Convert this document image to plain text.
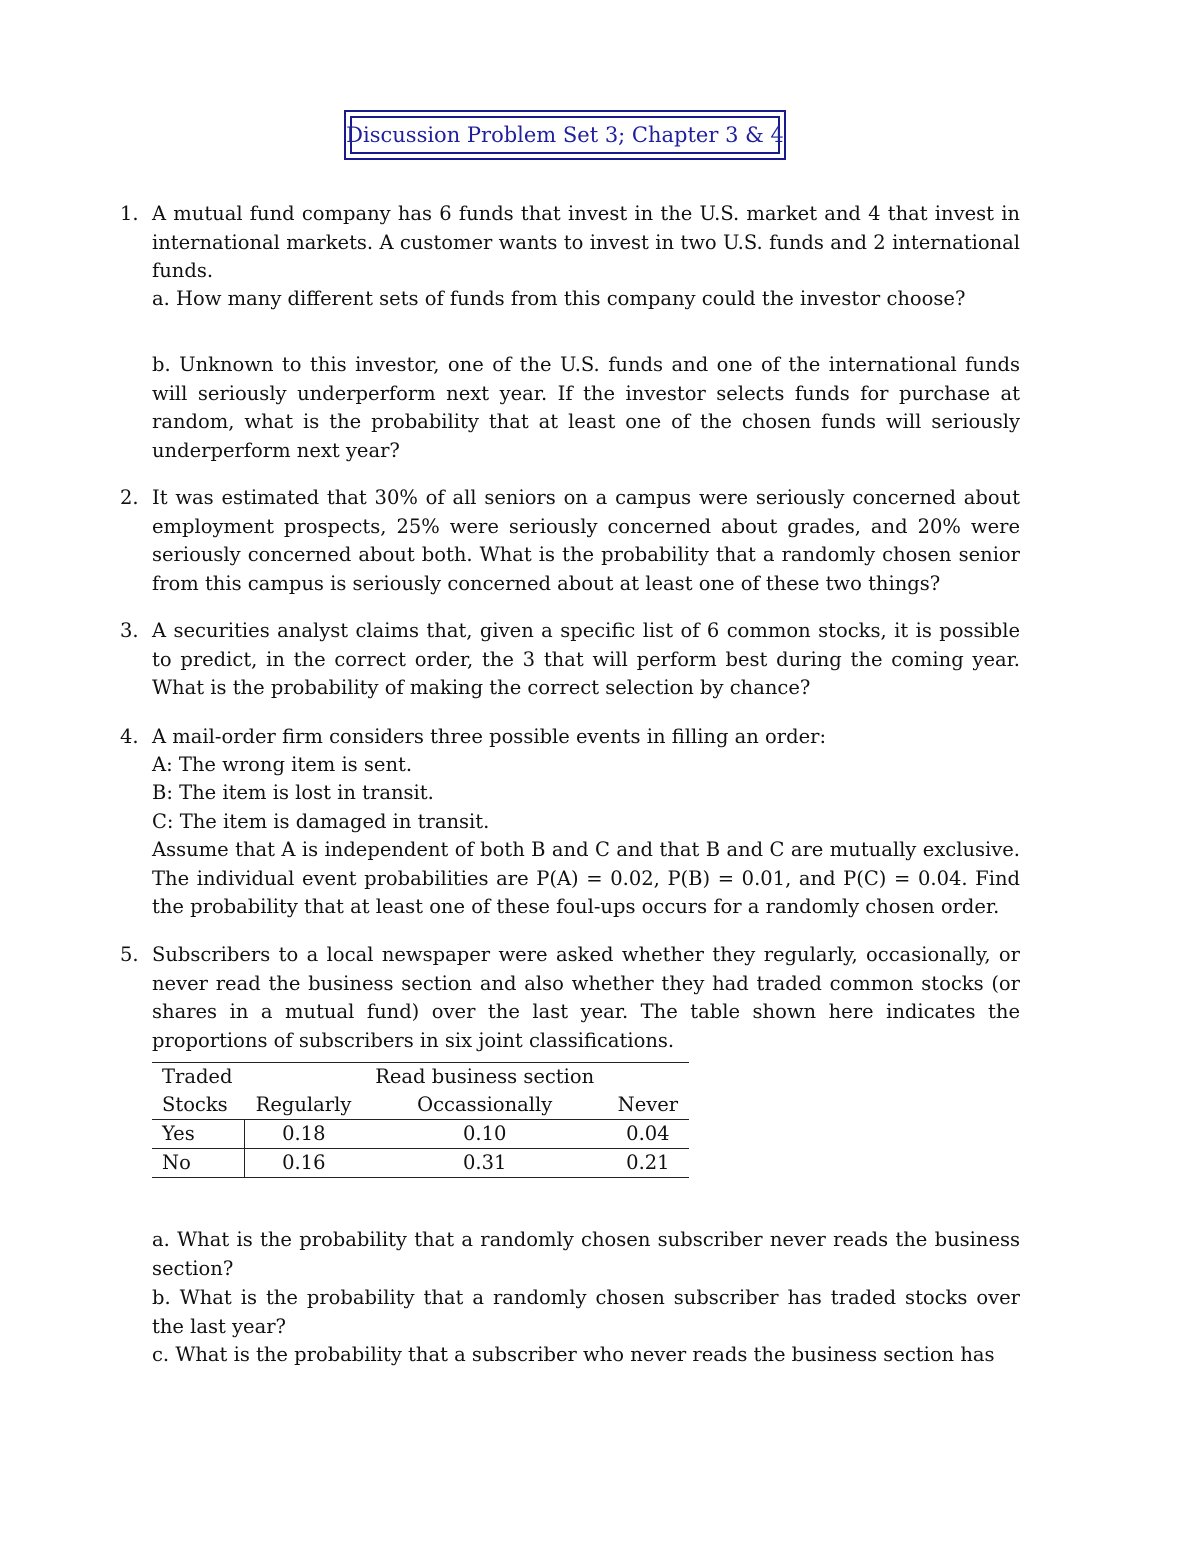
Discussion Problem Set 3; Chapter 3 & 4
1. A mutual fund company has 6 funds that invest in the U.S. market and 4 that invest in international markets. A customer wants to invest in two U.S. funds and 2 international funds.
a. How many different sets of funds from this company could the investor choose?
b. Unknown to this investor, one of the U.S. funds and one of the international funds will seriously underperform next year. If the investor selects funds for purchase at random, what is the probability that at least one of the chosen funds will seriously underperform next year?
2. It was estimated that 30% of all seniors on a campus were seriously concerned about employment prospects, 25% were seriously concerned about grades, and 20% were seriously concerned about both. What is the probability that a randomly chosen senior from this campus is seriously concerned about at least one of these two things?
3. A securities analyst claims that, given a specific list of 6 common stocks, it is possible to predict, in the correct order, the 3 that will perform best during the coming year. What is the probability of making the correct selection by chance?
4. A mail-order firm considers three possible events in filling an order:
A: The wrong item is sent.
B: The item is lost in transit.
C: The item is damaged in transit.
Assume that A is independent of both B and C and that B and C are mutually exclusive. The individual event probabilities are P(A) = 0.02, P(B) = 0.01, and P(C) = 0.04. Find the probability that at least one of these foul-ups occurs for a randomly chosen order.
5. Subscribers to a local newspaper were asked whether they regularly, occasionally, or never read the business section and also whether they had traded common stocks (or shares in a mutual fund) over the last year. The table shown here indicates the proportions of subscribers in six joint classifications.
Traded		Read business section	
Stocks	Regularly	Occassionally	Never
Yes	0.18	0.10	0.04
No	0.16	0.31	0.21
a. What is the probability that a randomly chosen subscriber never reads the business section?
b. What is the probability that a randomly chosen subscriber has traded stocks over the last year?
c. What is the probability that a subscriber who never reads the business section has
